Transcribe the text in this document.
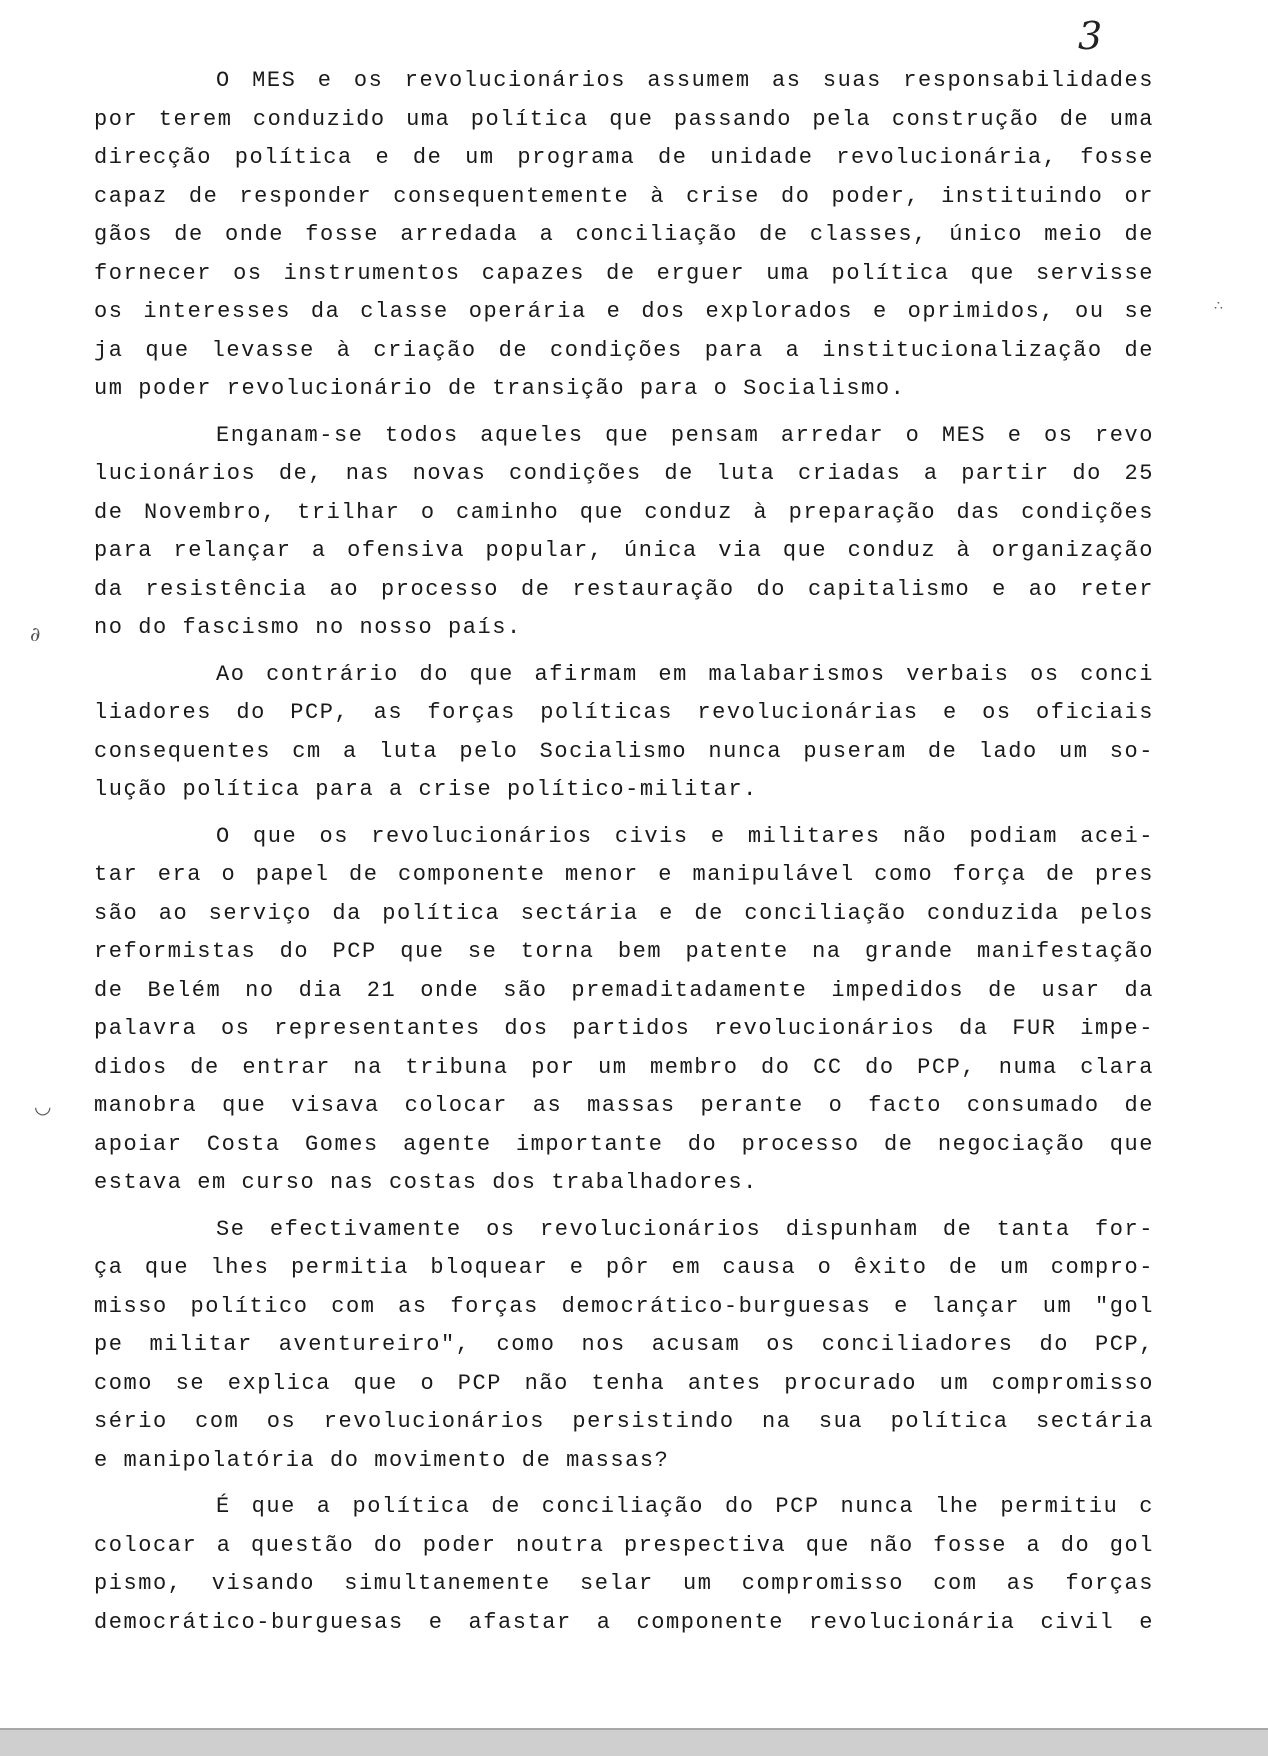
3
∂
◡
∴
O MES e os revolucionários assumem as suas responsabilidades
por terem conduzido uma política que passando pela construção de uma
direcção política e de um programa de unidade revolucionária, fosse
capaz de responder consequentemente à crise do poder, instituindo or
gãos de onde fosse arredada a conciliação de classes, único meio de
fornecer os instrumentos capazes de erguer uma política que servisse
os interesses da classe operária e dos explorados e oprimidos, ou se
ja que levasse à criação de condições para a institucionalização de
um poder revolucionário de transição para o Socialismo.
Enganam-se todos aqueles que pensam arredar o MES e os revo
lucionários de, nas novas condições de luta criadas a partir do 25
de Novembro, trilhar o caminho que conduz à preparação das condições
para relançar a ofensiva popular, única via que conduz à organização
da resistência ao processo de restauração do capitalismo e ao reter
no do fascismo no nosso país.
Ao contrário do que afirmam em malabarismos verbais os conci
liadores do PCP, as forças políticas revolucionárias e os oficiais
consequentes cm a luta pelo Socialismo nunca puseram de lado um so-
lução política para a crise político-militar.
O que os revolucionários civis e militares não podiam acei-
tar era o papel de componente menor e manipulável como força de pres
são ao serviço da política sectária e de conciliação conduzida pelos
reformistas do PCP que se torna bem patente na grande manifestação
de Belém no dia 21 onde são premaditadamente impedidos de usar da
palavra os representantes dos partidos revolucionários da FUR impe-
didos de entrar na tribuna por um membro do CC do PCP, numa clara
manobra que visava colocar as massas perante o facto consumado de
apoiar Costa Gomes agente importante do processo de negociação que
estava em curso nas costas dos trabalhadores.
Se efectivamente os revolucionários dispunham de tanta for-
ça que lhes permitia bloquear e pôr em causa o êxito de um compro-
misso político com as forças democrático-burguesas e lançar um "gol
pe militar aventureiro", como nos acusam os conciliadores do PCP,
como se explica que o PCP não tenha antes procurado um compromisso
sério com os revolucionários persistindo na sua política sectária
e manipolatória do movimento de massas?
É que a política de conciliação do PCP nunca lhe permitiu c
colocar a questão do poder noutra prespectiva que não fosse a do gol
pismo, visando simultanemente selar um compromisso com as forças
democrático-burguesas e afastar a componente revolucionária civil e
